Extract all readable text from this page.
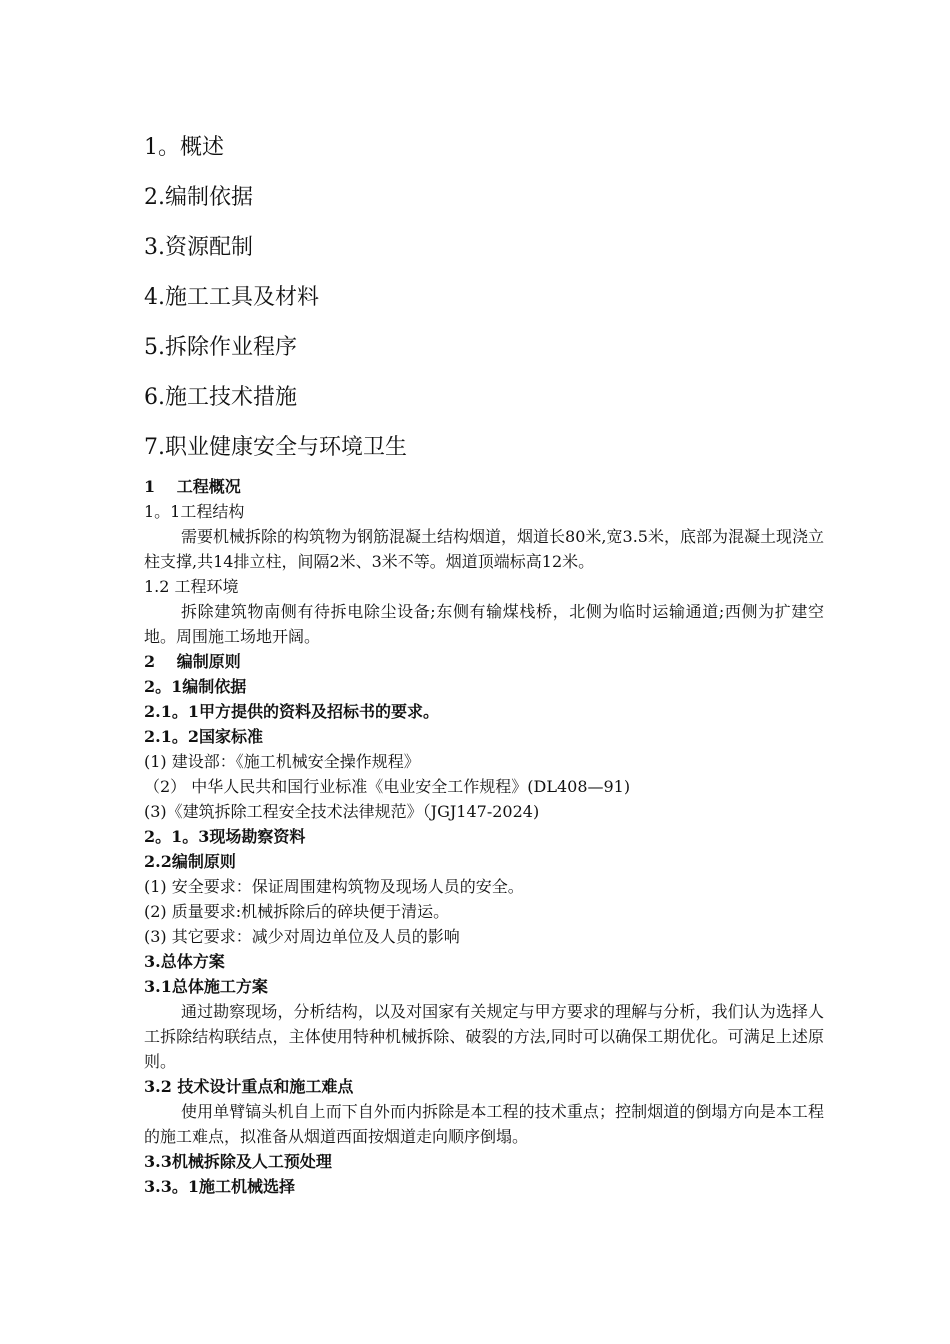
1。概述
2.编制依据
3.资源配制
4.施工工具及材料
5.拆除作业程序
6.施工技术措施
7.职业健康安全与环境卫生
1　 工程概况
1。1工程结构

需要机械拆除的构筑物为钢筋混凝土结构烟道，烟道长80米,宽3.5米，底部为混凝土现浇立柱支撑,共14排立柱，间隔2米、3米不等。烟道顶端标高12米。

1.2 工程环境

拆除建筑物南侧有待拆电除尘设备;东侧有输煤栈桥，北侧为临时运输通道;西侧为扩建空地。周围施工场地开阔。

2　 编制原则
2。1编制依据
2.1。1甲方提供的资料及招标书的要求。
2.1。2国家标准
(1) 建设部：《施工机械安全操作规程》
（2） 中华人民共和国行业标准《电业安全工作规程》(DL408—91)
(3)《建筑拆除工程安全技术法律规范》（JGJ147-2024)
2。1。3现场勘察资料
2.2编制原则
(1) 安全要求：保证周围建构筑物及现场人员的安全。
(2) 质量要求:机械拆除后的碎块便于清运。
(3) 其它要求：减少对周边单位及人员的影响
3.总体方案
3.1总体施工方案

通过勘察现场，分析结构，以及对国家有关规定与甲方要求的理解与分析，我们认为选择人工拆除结构联结点，主体使用特种机械拆除、破裂的方法,同时可以确保工期优化。可满足上述原则。

3.2 技术设计重点和施工难点

使用单臂镐头机自上而下自外而内拆除是本工程的技术重点；控制烟道的倒塌方向是本工程的施工难点，拟准备从烟道西面按烟道走向顺序倒塌。

3.3机械拆除及人工预处理
3.3。1施工机械选择
